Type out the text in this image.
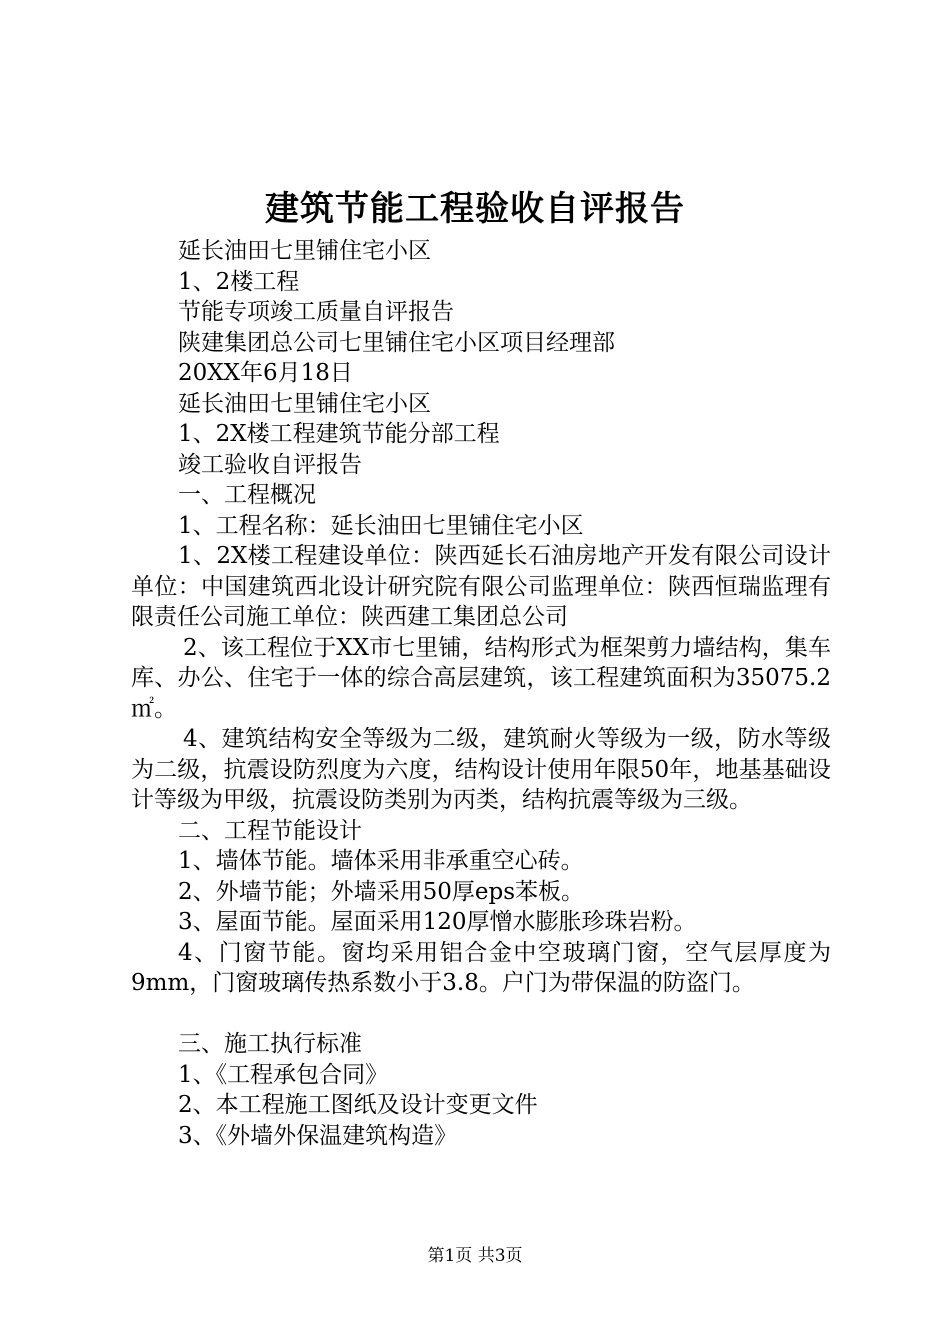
建筑节能工程验收自评报告

延长油田七里铺住宅小区

1、2楼工程

节能专项竣工质量自评报告

陕建集团总公司七里铺住宅小区项目经理部

20XX年6月18日

延长油田七里铺住宅小区

1、2X楼工程建筑节能分部工程

竣工验收自评报告

一、工程概况

1、工程名称：延长油田七里铺住宅小区

1、2X楼工程建设单位：陕西延长石油房地产开发有限公司设计单位：中国建筑西北设计研究院有限公司监理单位：陕西恒瑞监理有限责任公司施工单位：陕西建工集团总公司

2、该工程位于XX市七里铺，结构形式为框架剪力墙结构，集车库、办公、住宅于一体的综合高层建筑，该工程建筑面积为35075.2㎡。

4、建筑结构安全等级为二级，建筑耐火等级为一级，防水等级为二级，抗震设防烈度为六度，结构设计使用年限50年，地基基础设计等级为甲级，抗震设防类别为丙类，结构抗震等级为三级。

二、工程节能设计

1、墙体节能。墙体采用非承重空心砖。

2、外墙节能；外墙采用50厚eps苯板。

3、屋面节能。屋面采用120厚憎水膨胀珍珠岩粉。

4、门窗节能。窗均采用铝合金中空玻璃门窗，空气层厚度为9mm，门窗玻璃传热系数小于3.8。户门为带保温的防盗门。

三、施工执行标准

1、《工程承包合同》

2、本工程施工图纸及设计变更文件

3、《外墙外保温建筑构造》

第1页 共3页
